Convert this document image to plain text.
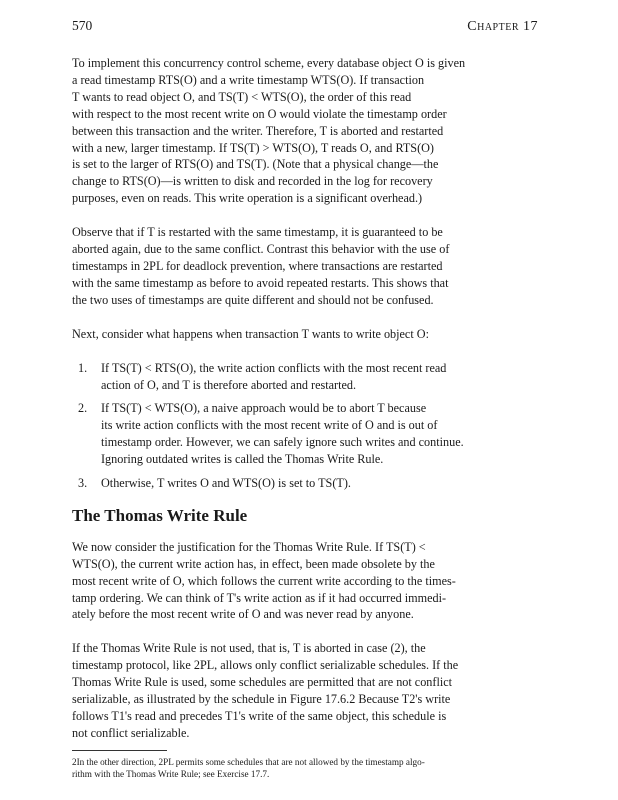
570	Chapter 17

To implement this concurrency control scheme, every database object O is given

a read timestamp RTS(O) and a write timestamp WTS(O). If transaction

T wants to read object O, and TS(T) < WTS(O), the order of this read

with respect to the most recent write on O would violate the timestamp order

between this transaction and the writer. Therefore, T is aborted and restarted

with a new, larger timestamp. If TS(T) > WTS(O), T reads O, and RTS(O)

is set to the larger of RTS(O) and TS(T). (Note that a physical change—the

change to RTS(O)—is written to disk and recorded in the log for recovery

purposes, even on reads. This write operation is a significant overhead.)

Observe that if T is restarted with the same timestamp, it is guaranteed to be

aborted again, due to the same conflict. Contrast this behavior with the use of

timestamps in 2PL for deadlock prevention, where transactions are restarted

with the same timestamp as before to avoid repeated restarts. This shows that

the two uses of timestamps are quite different and should not be confused.

Next, consider what happens when transaction T wants to write object O:

1. If TS(T) < RTS(O), the write action conflicts with the most recent read
action of O, and T is therefore aborted and restarted.
2. If TS(T) < WTS(O), a naive approach would be to abort T because
its write action conflicts with the most recent write of O and is out of
timestamp order. However, we can safely ignore such writes and continue.
Ignoring outdated writes is called the Thomas Write Rule.
3. Otherwise, T writes O and WTS(O) is set to TS(T).
The Thomas Write Rule

We now consider the justification for the Thomas Write Rule. If TS(T) <

WTS(O), the current write action has, in effect, been made obsolete by the

most recent write of O, which follows the current write according to the times-

tamp ordering. We can think of T's write action as if it had occurred immedi-

ately before the most recent write of O and was never read by anyone.

If the Thomas Write Rule is not used, that is, T is aborted in case (2), the

timestamp protocol, like 2PL, allows only conflict serializable schedules. If the

Thomas Write Rule is used, some schedules are permitted that are not conflict

serializable, as illustrated by the schedule in Figure 17.6.2 Because T2's write

follows T1's read and precedes T1's write of the same object, this schedule is

not conflict serializable.

2In the other direction, 2PL permits some schedules that are not allowed by the timestamp algo-
rithm with the Thomas Write Rule; see Exercise 17.7.
